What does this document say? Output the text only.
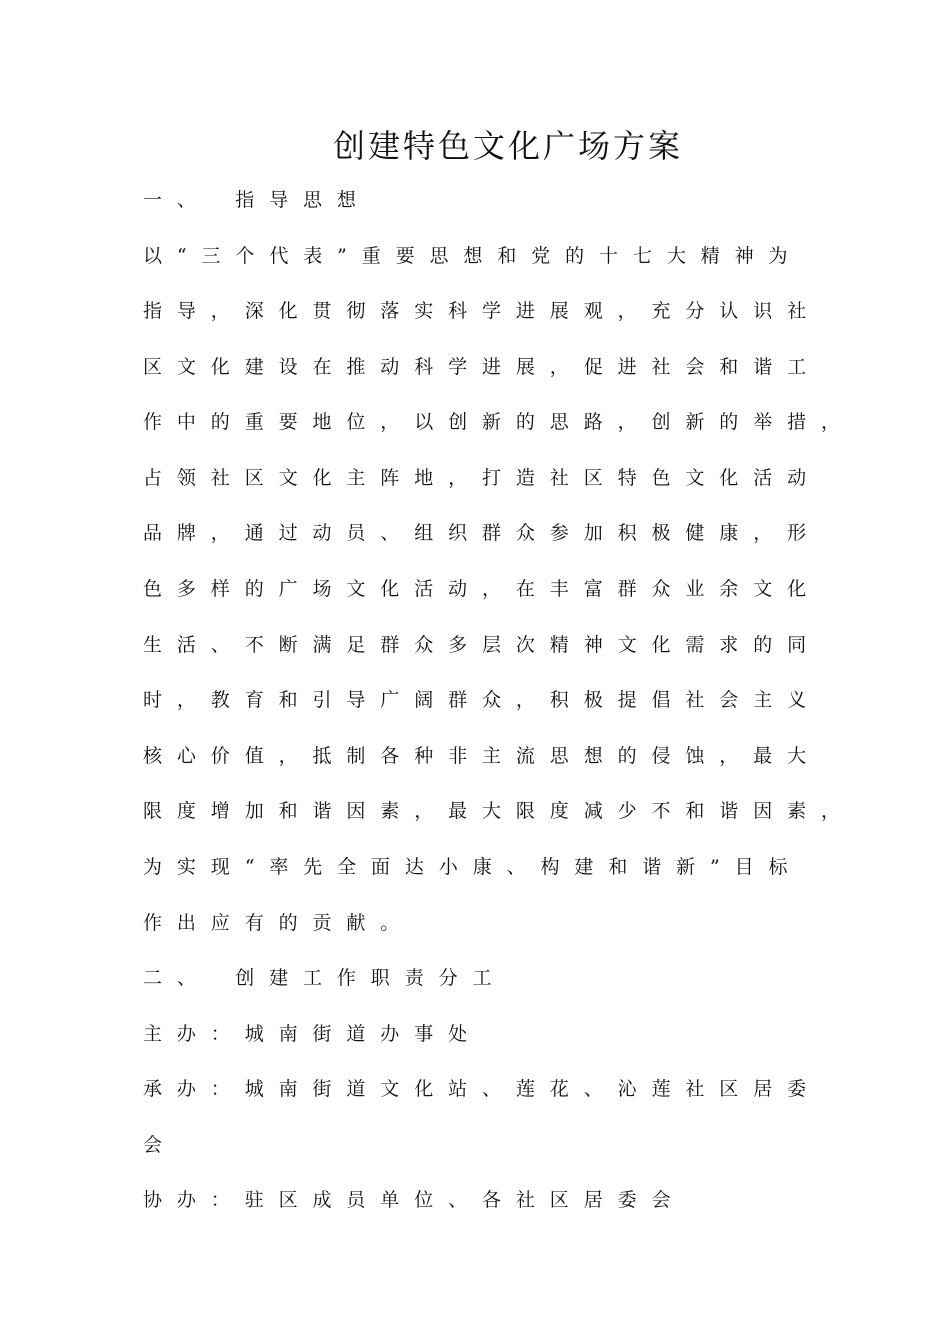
创建特色文化广场方案
一、　指导思想
以“三个代表”重要思想和党的十七大精神为
指导，深化贯彻落实科学进展观，充分认识社
区文化建设在推动科学进展，促进社会和谐工
作中的重要地位，以创新的思路，创新的举措，
占领社区文化主阵地，打造社区特色文化活动
品牌，通过动员、组织群众参加积极健康，形
色多样的广场文化活动，在丰富群众业余文化
生活、不断满足群众多层次精神文化需求的同
时，教育和引导广阔群众，积极提倡社会主义
核心价值，抵制各种非主流思想的侵蚀，最大
限度增加和谐因素，最大限度减少不和谐因素，
为实现“率先全面达小康、构建和谐新”目标
作出应有的贡献。
二、　创建工作职责分工
主办：城南街道办事处
承办：城南街道文化站、莲花、沁莲社区居委
会
协办：驻区成员单位、各社区居委会
